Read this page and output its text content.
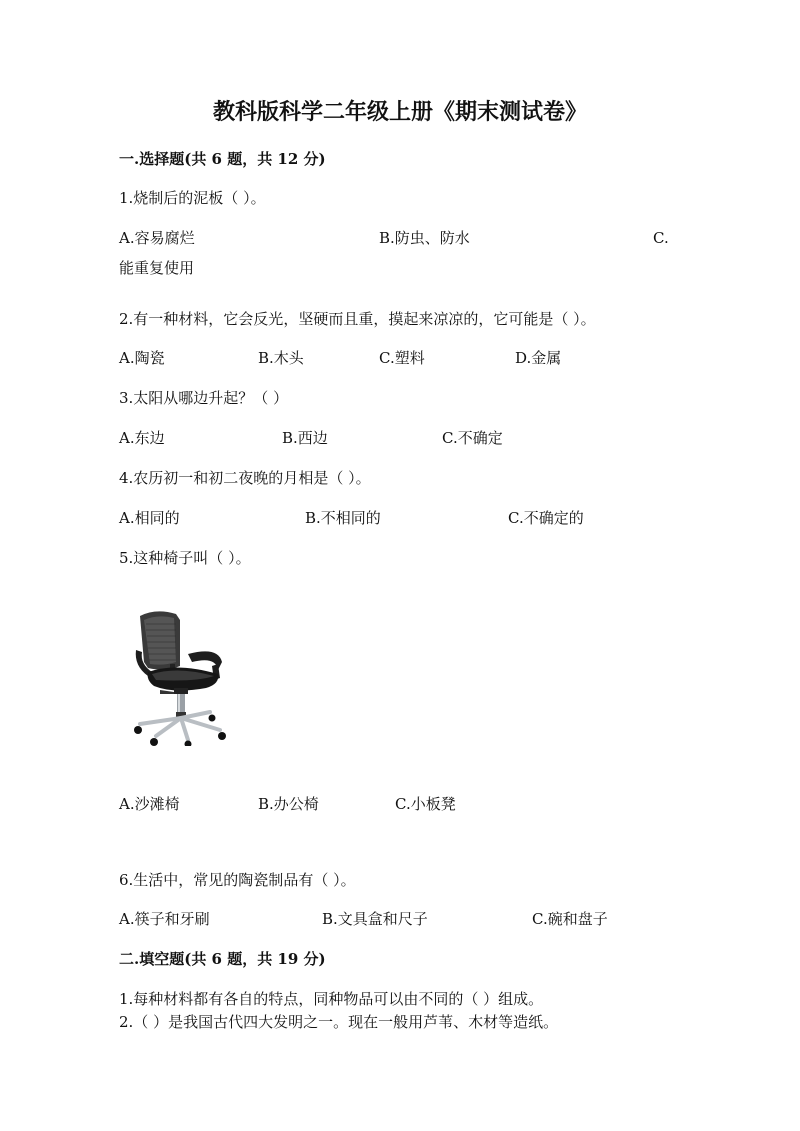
教科版科学二年级上册《期末测试卷》
一.选择题(共 6 题，共 12 分)
1.烧制后的泥板（ ）。
A.容易腐烂	B.防虫、防水	C.
能重复使用
2.有一种材料，它会反光，坚硬而且重，摸起来凉凉的，它可能是（ ）。
A.陶瓷	B.木头	C.塑料	D.金属
3.太阳从哪边升起？（ ）
A.东边	B.西边	C.不确定
4.农历初一和初二夜晚的月相是（ ）。
A.相同的	B.不相同的	C.不确定的
5.这种椅子叫（ ）。
A.沙滩椅	B.办公椅	C.小板凳
6.生活中，常见的陶瓷制品有（ ）。
A.筷子和牙刷	B.文具盒和尺子	C.碗和盘子
二.填空题(共 6 题，共 19 分)
1.每种材料都有各自的特点，同种物品可以由不同的（ ）组成。
2.（ ）是我国古代四大发明之一。现在一般用芦苇、木材等造纸。
